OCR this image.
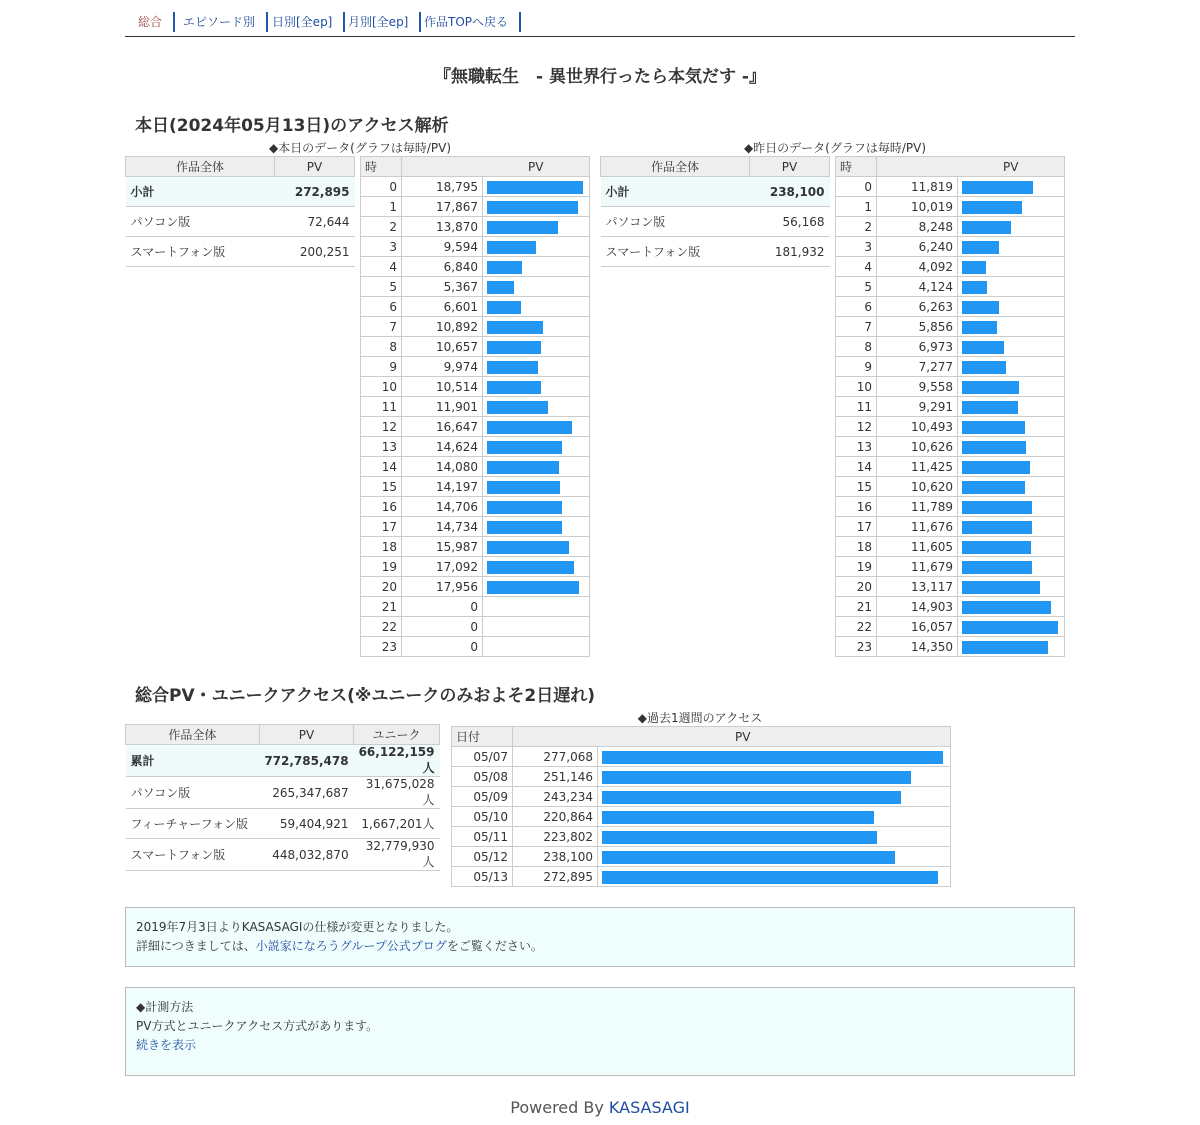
総合	エピソード別	日別[全ep]	月別[全ep]	作品TOPへ戻る
『無職転生　- 異世界行ったら本気だす -』
本日(2024年05月13日)のアクセス解析
◆本日のデータ(グラフは毎時/PV)
作品全体	PV
小計	272,895
パソコン版	72,644
スマートフォン版	200,251
時	PV	
0	18,795	
1	17,867	
2	13,870	
3	9,594	
4	6,840	
5	5,367	
6	6,601	
7	10,892	
8	10,657	
9	9,974	
10	10,514	
11	11,901	
12	16,647	
13	14,624	
14	14,080	
15	14,197	
16	14,706	
17	14,734	
18	15,987	
19	17,092	
20	17,956	
21	0	
22	0	
23	0	
◆昨日のデータ(グラフは毎時/PV)
作品全体	PV
小計	238,100
パソコン版	56,168
スマートフォン版	181,932
時	PV	
0	11,819	
1	10,019	
2	8,248	
3	6,240	
4	4,092	
5	4,124	
6	6,263	
7	5,856	
8	6,973	
9	7,277	
10	9,558	
11	9,291	
12	10,493	
13	10,626	
14	11,425	
15	10,620	
16	11,789	
17	11,676	
18	11,605	
19	11,679	
20	13,117	
21	14,903	
22	16,057	
23	14,350	
総合PV・ユニークアクセス(※ユニークのみおよそ2日遅れ)
作品全体	PV	ユニーク
累計	772,785,478	66,122,159人
パソコン版	265,347,687	31,675,028人
フィーチャーフォン版	59,404,921	1,667,201人
スマートフォン版	448,032,870	32,779,930人
◆過去1週間のアクセス
日付	PV	
05/07	277,068	
05/08	251,146	
05/09	243,234	
05/10	220,864	
05/11	223,802	
05/12	238,100	
05/13	272,895	
2019年7月3日よりKASASAGIの仕様が変更となりました。
詳細につきましては、小説家になろうグループ公式ブログをご覧ください。
◆計測方法
PV方式とユニークアクセス方式があります。
続きを表示
Powered By KASASAGI
